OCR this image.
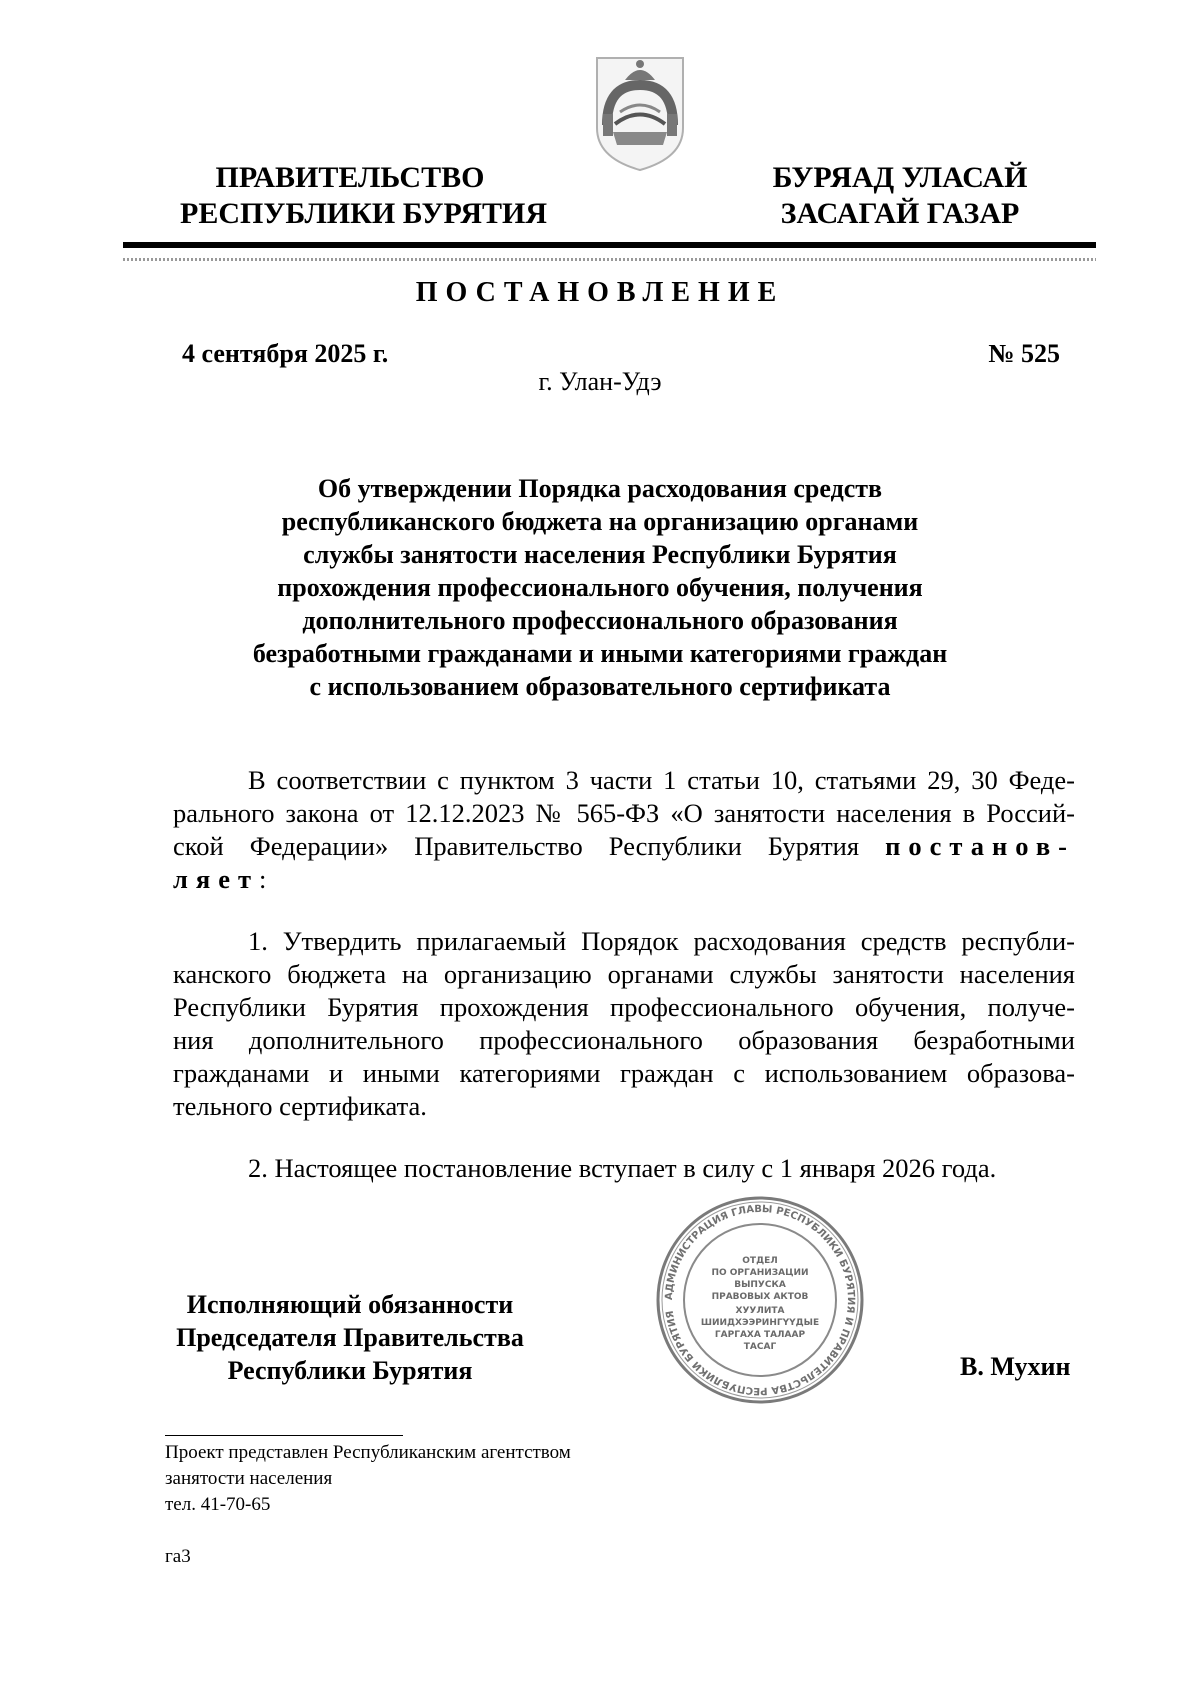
ПРАВИТЕЛЬСТВО
РЕСПУБЛИКИ БУРЯТИЯ
БУРЯАД УЛАСАЙ
ЗАСАГАЙ ГАЗАР
ПОСТАНОВЛЕНИЕ
4 сентября 2025 г.	№ 525
г. Улан-Удэ
Об утверждении Порядка расходования средств
республиканского бюджета на организацию органами
службы занятости населения Республики Бурятия
прохождения профессионального обучения, получения
дополнительного профессионального образования
безработными гражданами и иными категориями граждан
с использованием образовательного сертификата
В соответствии с пунктом 3 части 1 статьи 10, статьями 29, 30 Феде-
рального закона от 12.12.2023 № 565-ФЗ «О занятости населения в Россий-
ской Федерации» Правительство Республики Бурятия постанов-
ляет:
1. Утвердить прилагаемый Порядок расходования средств республи-
канского бюджета на организацию органами службы занятости населения
Республики Бурятия прохождения профессионального обучения, получе-
ния дополнительного профессионального образования безработными
гражданами и иными категориями граждан с использованием образова-
тельного сертификата.
2. Настоящее постановление вступает в силу с 1 января 2026 года.
АДМИНИСТРАЦИЯ ГЛАВЫ РЕСПУБЛИКИ БУРЯТИЯ И ПРАВИТЕЛЬСТВА РЕСПУБЛИКИ БУРЯТИЯ
ОТДЕЛ
ПО ОРГАНИЗАЦИИ
ВЫПУСКА
ПРАВОВЫХ АКТОВ
ХУУЛИТА
ШИИДХЭЭРИНГҮҮДЫЕ
ГАРГАХА ТАЛААР
ТАСАГ
Исполняющий обязанности
Председателя Правительства
Республики Бурятия	В. Мухин
Проект представлен Республиканским агентством
занятости населения
тел. 41-70-65
га3
